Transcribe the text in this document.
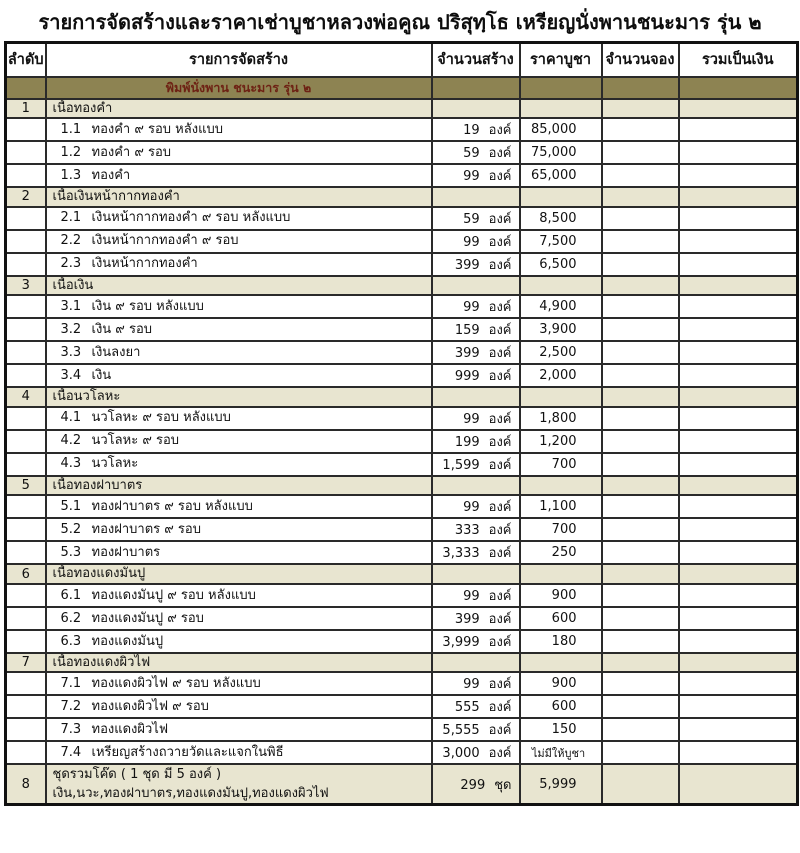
รายการจัดสร้างและราคาเช่าบูชาหลวงพ่อคูณ ปริสุทฺโธ เหรียญนั่งพานชนะมาร รุ่น ๒
ลำดับ	รายการจัดสร้าง	จำนวนสร้าง	ราคาบูชา	จำนวนจอง	รวมเป็นเงิน
	พิมพ์นั่งพาน ชนะมาร รุ่น ๒				
1	เนื้อทองคำ				
	1.1 ทองคำ ๙ รอบ หลังแบบ	19 องค์	85,000		
	1.2 ทองคำ ๙ รอบ	59 องค์	75,000		
	1.3 ทองคำ	99 องค์	65,000		
2	เนื้อเงินหน้ากากทองคำ				
	2.1 เงินหน้ากากทองคำ ๙ รอบ หลังแบบ	59 องค์	8,500		
	2.2 เงินหน้ากากทองคำ ๙ รอบ	99 องค์	7,500		
	2.3 เงินหน้ากากทองคำ	399 องค์	6,500		
3	เนื้อเงิน				
	3.1 เงิน ๙ รอบ หลังแบบ	99 องค์	4,900		
	3.2 เงิน ๙ รอบ	159 องค์	3,900		
	3.3 เงินลงยา	399 องค์	2,500		
	3.4 เงิน	999 องค์	2,000		
4	เนื้อนวโลหะ				
	4.1 นวโลหะ ๙ รอบ หลังแบบ	99 องค์	1,800		
	4.2 นวโลหะ ๙ รอบ	199 องค์	1,200		
	4.3 นวโลหะ	1,599 องค์	700		
5	เนื้อทองฝาบาตร				
	5.1 ทองฝาบาตร ๙ รอบ หลังแบบ	99 องค์	1,100		
	5.2 ทองฝาบาตร ๙ รอบ	333 องค์	700		
	5.3 ทองฝาบาตร	3,333 องค์	250		
6	เนื้อทองแดงมันปู				
	6.1 ทองแดงมันปู ๙ รอบ หลังแบบ	99 องค์	900		
	6.2 ทองแดงมันปู ๙ รอบ	399 องค์	600		
	6.3 ทองแดงมันปู	3,999 องค์	180		
7	เนื้อทองแดงผิวไฟ				
	7.1 ทองแดงผิวไฟ ๙ รอบ หลังแบบ	99 องค์	900		
	7.2 ทองแดงผิวไฟ ๙ รอบ	555 องค์	600		
	7.3 ทองแดงผิวไฟ	5,555 องค์	150		
	7.4 เหรียญสร้างถวายวัดและแจกในพิธี	3,000 องค์	ไม่มีให้บูชา		
8	ชุดรวมโค๊ด ( 1 ชุด มี 5 องค์ )
เงิน,นวะ,ทองฝาบาตร,ทองแดงมันปู,ทองแดงผิวไฟ	299 ชุด	5,999		
